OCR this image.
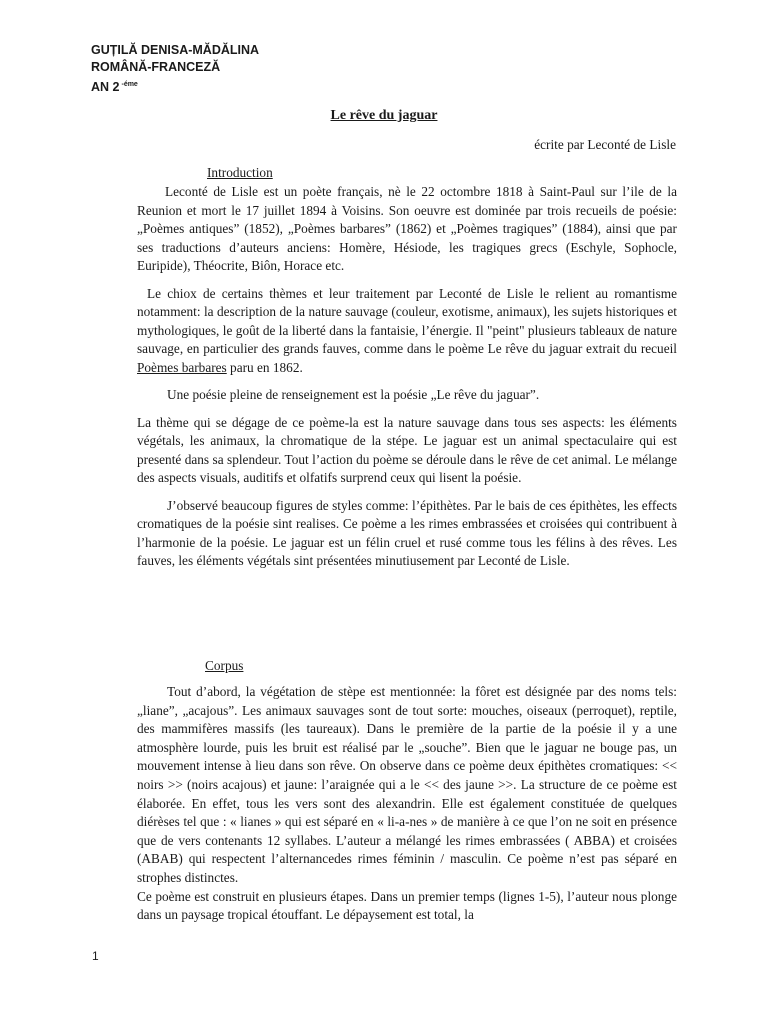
GUȚILĂ DENISA-MĂDĂLINA
ROMÂNĂ-FRANCEZĂ
AN 2 $^{-éme}$
Le rêve du jaguar
écrite par Leconté de Lisle
Introduction

Leconté de Lisle est un poète français, nè le 22 octombre 1818 à Saint-Paul sur l’ile de la Reunion et mort le 17 juillet 1894 à Voisins. Son oeuvre est dominée par trois recueils de poésie: „Poèmes antiques” (1852), „Poèmes barbares” (1862) et „Poèmes tragiques” (1884), ainsi que par ses traductions d’auteurs anciens: Homère, Hésiode, les tragiques grecs (Eschyle, Sophocle, Euripide), Théocrite, Biôn, Horace etc.

Le chiox de certains thèmes et leur traitement par Leconté de Lisle le relient au romantisme notamment: la description de la nature sauvage (couleur, exotisme, animaux), les sujets historiques et mythologiques, le goût de la liberté dans la fantaisie, l’énergie. Il "peint" plusieurs tableaux de nature sauvage, en particulier des grands fauves, comme dans le poème Le rêve du jaguar extrait du recueil Poèmes barbares paru en 1862.

Une poésie pleine de renseignement est la poésie „Le rêve du jaguar”.

La thème qui se dégage de ce poème-la est la nature sauvage dans tous ses aspects: les éléments végétals, les animaux, la chromatique de la stépe. Le jaguar est un animal spectaculaire qui est presenté dans sa splendeur. Tout l’action du poème se déroule dans le rêve de cet animal. Le mélange des aspects visuals, auditifs et olfatifs surprend ceux qui lisent la poésie.

J’observé beaucoup figures de styles comme: l’épithètes. Par le bais de ces épithètes, les effects cromatiques de la poésie sint realises. Ce poème a les rimes embrassées et croisées qui contribuent à l’harmonie de la poésie. Le jaguar est un félin cruel et rusé comme tous les félins à des rêves. Les fauves, les éléments végétals sint présentées minutiusement par Leconté de Lisle.

Corpus

Tout d’abord, la végétation de stèpe est mentionnée: la fôret est désignée par des noms tels: „liane”, „acajous”. Les animaux sauvages sont de tout sorte: mouches, oiseaux (perroquet), reptile, des mammifères massifs (les taureaux). Dans le première de la partie de la poésie il y a une atmosphère lourde, puis les bruit est réalisé par le „souche”. Bien que le jaguar ne bouge pas, un mouvement intense à lieu dans son rêve. On observe dans ce poème deux épithètes cromatiques: << noirs >> (noirs acajous) et jaune: l’araignée qui a le << des jaune >>. La structure de ce poème est élaborée. En effet, tous les vers sont des alexandrin. Elle est également constituée de quelques diérèses tel que : « lianes » qui est séparé en « li-a-nes » de manière à ce que l’on ne soit en présence que de vers contenants 12 syllabes. L’auteur a mélangé les rimes embrassées ( ABBA) et croisées (ABAB) qui respectent l’alternancedes rimes féminin / masculin. Ce poème n’est pas séparé en strophes distinctes.

Ce poème est construit en plusieurs étapes. Dans un premier temps (lignes 1-5), l’auteur nous plonge dans un paysage tropical étouffant. Le dépaysement est total, la

1
